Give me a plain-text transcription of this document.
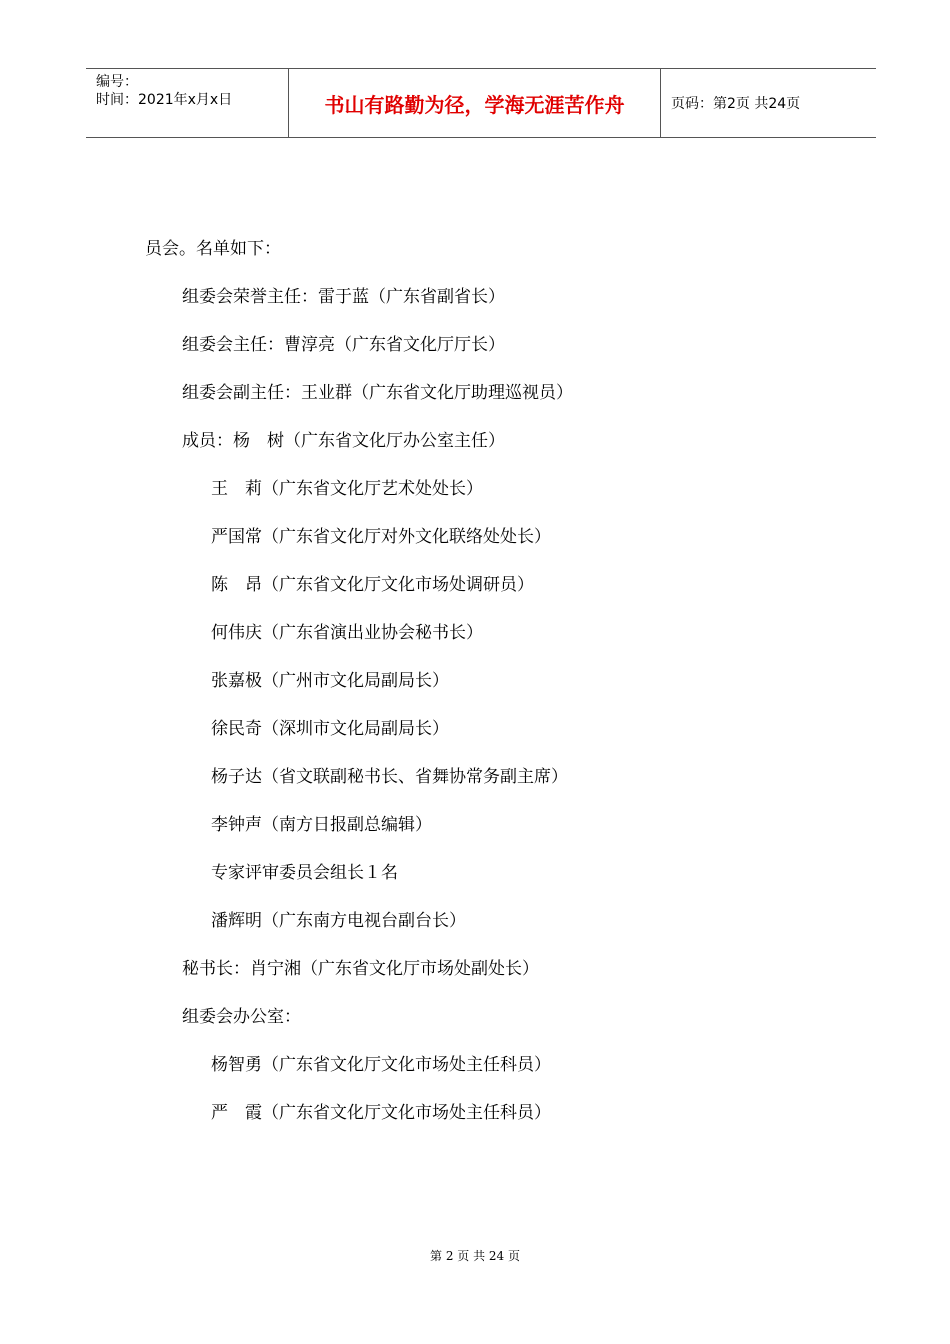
编号：
时间：2021年x月x日	书山有路勤为径，学海无涯苦作舟	页码：第2页 共24页
员会。名单如下：
组委会荣誉主任：雷于蓝（广东省副省长）
组委会主任：曹淳亮（广东省文化厅厅长）
组委会副主任：王业群（广东省文化厅助理巡视员）
成员：杨　树（广东省文化厅办公室主任）
王　莉（广东省文化厅艺术处处长）
严国常（广东省文化厅对外文化联络处处长）
陈　昂（广东省文化厅文化市场处调研员）
何伟庆（广东省演出业协会秘书长）
张嘉极（广州市文化局副局长）
徐民奇（深圳市文化局副局长）
杨子达（省文联副秘书长、省舞协常务副主席）
李钟声（南方日报副总编辑）
专家评审委员会组长１名
潘辉明（广东南方电视台副台长）
秘书长：肖宁湘（广东省文化厅市场处副处长）
组委会办公室：
杨智勇（广东省文化厅文化市场处主任科员）
严　霞（广东省文化厅文化市场处主任科员）
第 2 页 共 24 页
